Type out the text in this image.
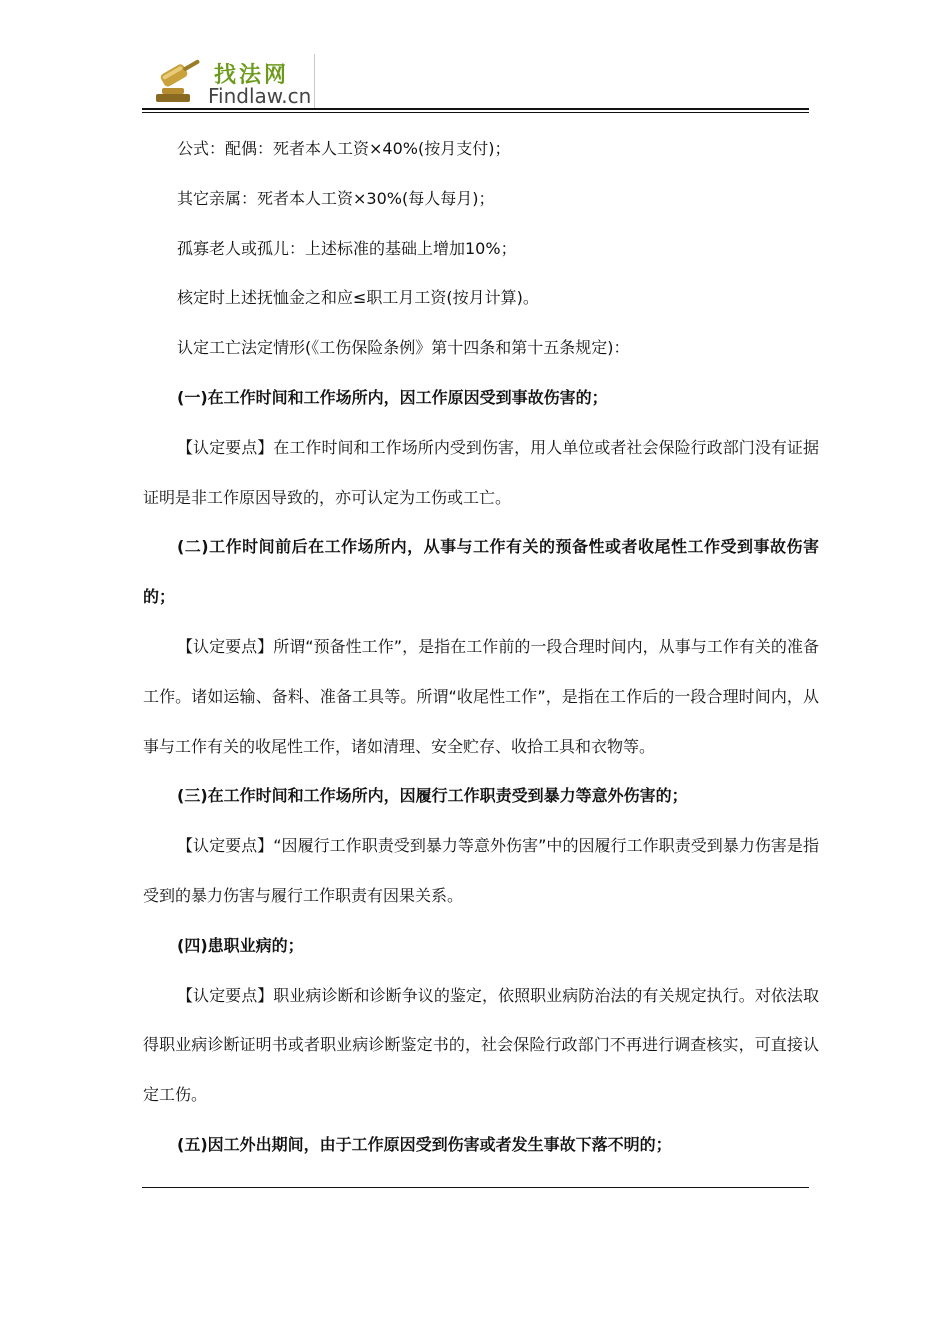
找法网
Findlaw.cn

公式：配偶：死者本人工资×40%(按月支付)；

其它亲属：死者本人工资×30%(每人每月)；

孤寡老人或孤儿：上述标准的基础上增加10%；

核定时上述抚恤金之和应≤职工月工资(按月计算)。

认定工亡法定情形(《工伤保险条例》第十四条和第十五条规定)：

(一)在工作时间和工作场所内，因工作原因受到事故伤害的；

【认定要点】在工作时间和工作场所内受到伤害，用人单位或者社会保险行政部门没有证据证明是非工作原因导致的，亦可认定为工伤或工亡。

(二)工作时间前后在工作场所内，从事与工作有关的预备性或者收尾性工作受到事故伤害的；

【认定要点】所谓“预备性工作”，是指在工作前的一段合理时间内，从事与工作有关的准备工作。诸如运输、备料、准备工具等。所谓“收尾性工作”，是指在工作后的一段合理时间内，从事与工作有关的收尾性工作，诸如清理、安全贮存、收拾工具和衣物等。

(三)在工作时间和工作场所内，因履行工作职责受到暴力等意外伤害的；

【认定要点】“因履行工作职责受到暴力等意外伤害”中的因履行工作职责受到暴力伤害是指受到的暴力伤害与履行工作职责有因果关系。

(四)患职业病的；

【认定要点】职业病诊断和诊断争议的鉴定，依照职业病防治法的有关规定执行。对依法取得职业病诊断证明书或者职业病诊断鉴定书的，社会保险行政部门不再进行调查核实，可直接认定工伤。

(五)因工外出期间，由于工作原因受到伤害或者发生事故下落不明的；
